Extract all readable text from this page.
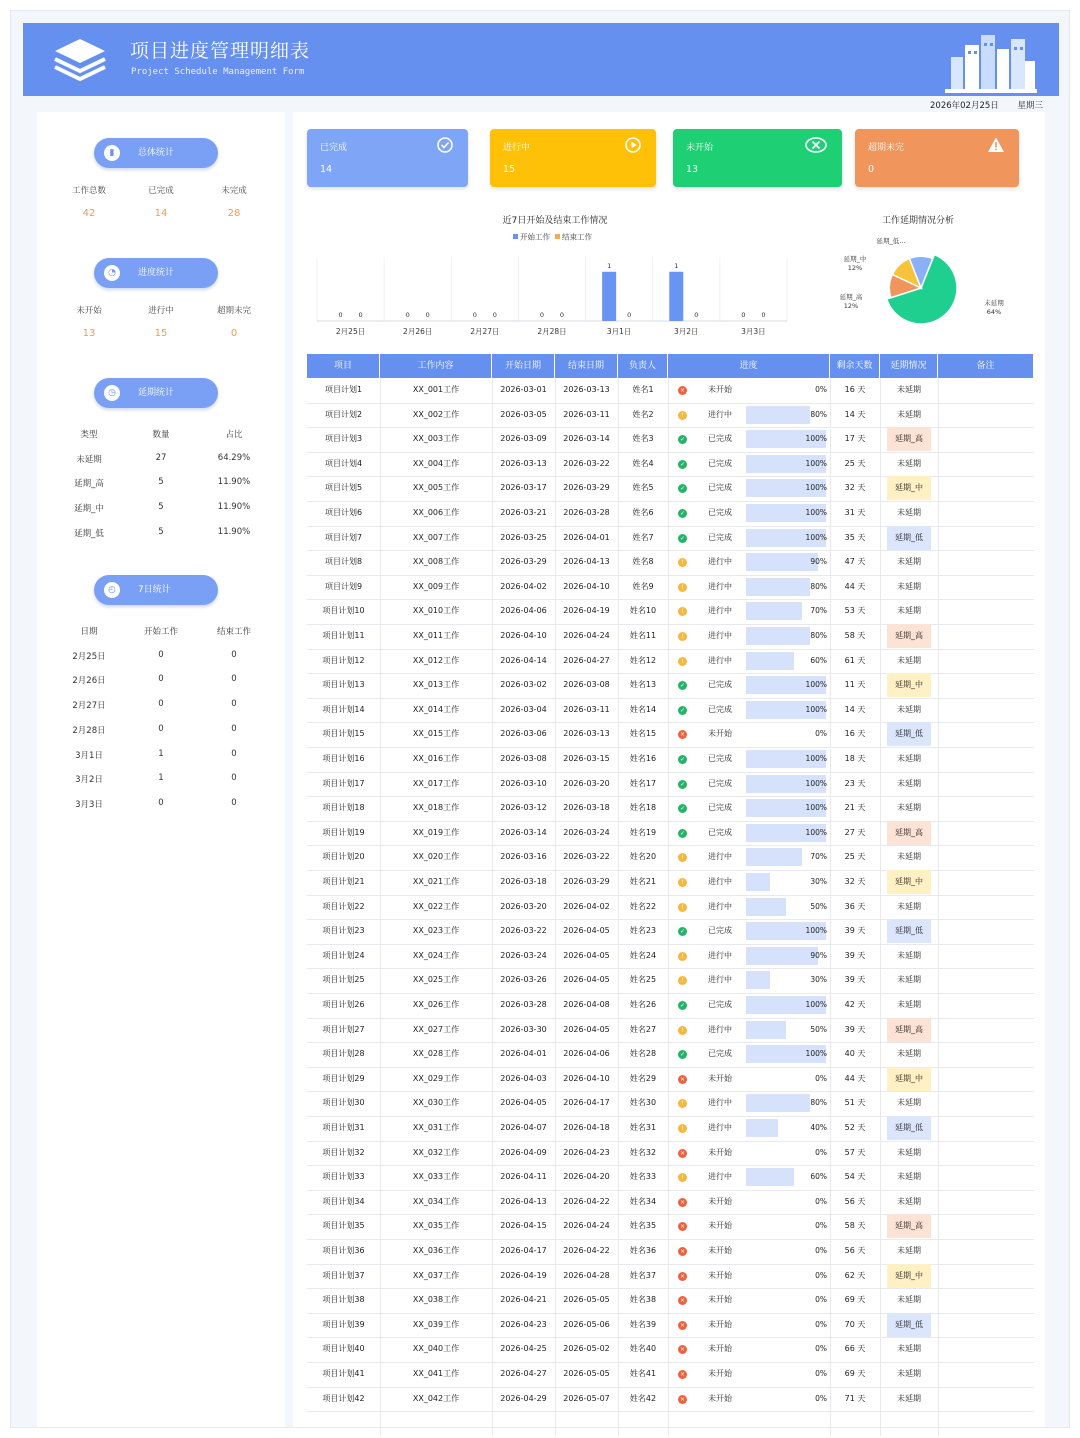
项目进度管理明细表
Project Schedule Management Form
2026年02月25日 星期三
▮	总体统计
工作总数	已完成	未完成
42	14	28
◔	进度统计
未开始	进行中	超期未完
13	15	0
◷	延期统计
类型	数量	占比
未延期	27	64.29%
延期_高	5	11.90%
延期_中	5	11.90%
延期_低	5	11.90%
◴	7日统计
日期	开始工作	结束工作
2月25日	0	0
2月26日	0	0
2月27日	0	0
2月28日	0	0
3月1日	1	0
3月2日	1	0
3月3日	0	0
已完成
14
进行中
15
未开始
13
超期未完
0
近7日开始及结束工作情况
开始工作 结束工作
2月25日
0 0
2月26日
0 0
2月27日
0 0
2月28日
0 0
3月1日
1
0
3月2日
1
0
3月3日
0 0
工作延期情况分析
未延期
64%
延期_高
12%
延期_中
12%
延期_低...
项目	工作内容	开始日期	结束日期	负责人	进度	剩余天数	延期情况	备注
项目计划1	XX_001工作	2026-03-01	2026-03-13	姓名1	×	未开始	0%	16 天	未延期
项目计划2	XX_002工作	2026-03-05	2026-03-11	姓名2	!	进行中	80%	14 天	未延期
项目计划3	XX_003工作	2026-03-09	2026-03-14	姓名3	✓	已完成	100%	17 天	延期_高
项目计划4	XX_004工作	2026-03-13	2026-03-22	姓名4	✓	已完成	100%	25 天	未延期
项目计划5	XX_005工作	2026-03-17	2026-03-29	姓名5	✓	已完成	100%	32 天	延期_中
项目计划6	XX_006工作	2026-03-21	2026-03-28	姓名6	✓	已完成	100%	31 天	未延期
项目计划7	XX_007工作	2026-03-25	2026-04-01	姓名7	✓	已完成	100%	35 天	延期_低
项目计划8	XX_008工作	2026-03-29	2026-04-13	姓名8	!	进行中	90%	47 天	未延期
项目计划9	XX_009工作	2026-04-02	2026-04-10	姓名9	!	进行中	80%	44 天	未延期
项目计划10	XX_010工作	2026-04-06	2026-04-19	姓名10	!	进行中	70%	53 天	未延期
项目计划11	XX_011工作	2026-04-10	2026-04-24	姓名11	!	进行中	80%	58 天	延期_高
项目计划12	XX_012工作	2026-04-14	2026-04-27	姓名12	!	进行中	60%	61 天	未延期
项目计划13	XX_013工作	2026-03-02	2026-03-08	姓名13	✓	已完成	100%	11 天	延期_中
项目计划14	XX_014工作	2026-03-04	2026-03-11	姓名14	✓	已完成	100%	14 天	未延期
项目计划15	XX_015工作	2026-03-06	2026-03-13	姓名15	×	未开始	0%	16 天	延期_低
项目计划16	XX_016工作	2026-03-08	2026-03-15	姓名16	✓	已完成	100%	18 天	未延期
项目计划17	XX_017工作	2026-03-10	2026-03-20	姓名17	✓	已完成	100%	23 天	未延期
项目计划18	XX_018工作	2026-03-12	2026-03-18	姓名18	✓	已完成	100%	21 天	未延期
项目计划19	XX_019工作	2026-03-14	2026-03-24	姓名19	✓	已完成	100%	27 天	延期_高
项目计划20	XX_020工作	2026-03-16	2026-03-22	姓名20	!	进行中	70%	25 天	未延期
项目计划21	XX_021工作	2026-03-18	2026-03-29	姓名21	!	进行中	30%	32 天	延期_中
项目计划22	XX_022工作	2026-03-20	2026-04-02	姓名22	!	进行中	50%	36 天	未延期
项目计划23	XX_023工作	2026-03-22	2026-04-05	姓名23	✓	已完成	100%	39 天	延期_低
项目计划24	XX_024工作	2026-03-24	2026-04-05	姓名24	!	进行中	90%	39 天	未延期
项目计划25	XX_025工作	2026-03-26	2026-04-05	姓名25	!	进行中	30%	39 天	未延期
项目计划26	XX_026工作	2026-03-28	2026-04-08	姓名26	✓	已完成	100%	42 天	未延期
项目计划27	XX_027工作	2026-03-30	2026-04-05	姓名27	!	进行中	50%	39 天	延期_高
项目计划28	XX_028工作	2026-04-01	2026-04-06	姓名28	✓	已完成	100%	40 天	未延期
项目计划29	XX_029工作	2026-04-03	2026-04-10	姓名29	×	未开始	0%	44 天	延期_中
项目计划30	XX_030工作	2026-04-05	2026-04-17	姓名30	!	进行中	80%	51 天	未延期
项目计划31	XX_031工作	2026-04-07	2026-04-18	姓名31	!	进行中	40%	52 天	延期_低
项目计划32	XX_032工作	2026-04-09	2026-04-23	姓名32	×	未开始	0%	57 天	未延期
项目计划33	XX_033工作	2026-04-11	2026-04-20	姓名33	!	进行中	60%	54 天	未延期
项目计划34	XX_034工作	2026-04-13	2026-04-22	姓名34	×	未开始	0%	56 天	未延期
项目计划35	XX_035工作	2026-04-15	2026-04-24	姓名35	×	未开始	0%	58 天	延期_高
项目计划36	XX_036工作	2026-04-17	2026-04-22	姓名36	×	未开始	0%	56 天	未延期
项目计划37	XX_037工作	2026-04-19	2026-04-28	姓名37	×	未开始	0%	62 天	延期_中
项目计划38	XX_038工作	2026-04-21	2026-05-05	姓名38	×	未开始	0%	69 天	未延期
项目计划39	XX_039工作	2026-04-23	2026-05-06	姓名39	×	未开始	0%	70 天	延期_低
项目计划40	XX_040工作	2026-04-25	2026-05-02	姓名40	×	未开始	0%	66 天	未延期
项目计划41	XX_041工作	2026-04-27	2026-05-05	姓名41	×	未开始	0%	69 天	未延期
项目计划42	XX_042工作	2026-04-29	2026-05-07	姓名42	×	未开始	0%	71 天	未延期
